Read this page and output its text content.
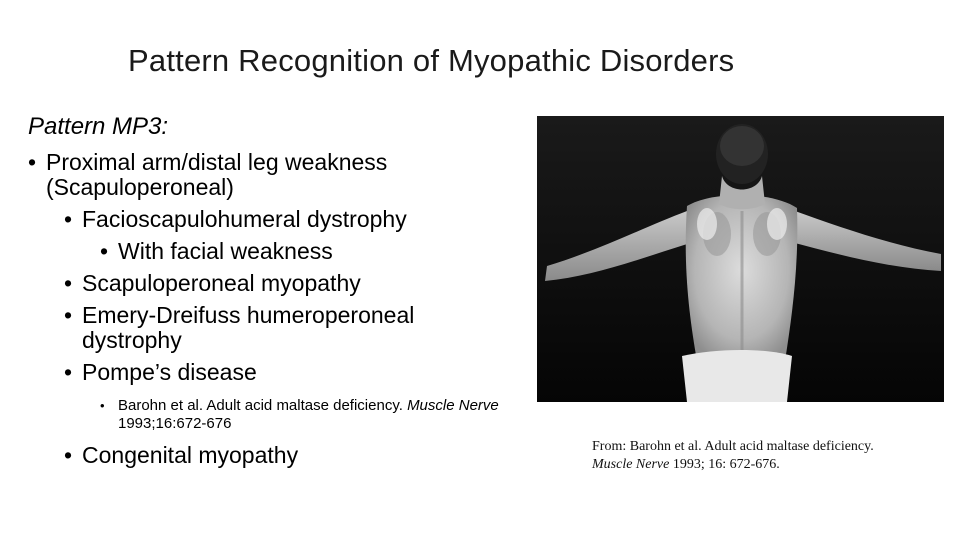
Pattern Recognition of Myopathic Disorders
Pattern MP3:
• Proximal arm/distal leg weakness (Scapuloperoneal)
• Facioscapulohumeral dystrophy
• With facial weakness
• Scapuloperoneal myopathy
• Emery-Dreifuss humeroperoneal dystrophy
• Pompe’s disease
• Barohn et al. Adult acid maltase deficiency. Muscle Nerve 1993;16:672-676
• Congenital myopathy	From: Barohn et al. Adult acid maltase deficiency.
Muscle Nerve 1993; 16: 672-676.
